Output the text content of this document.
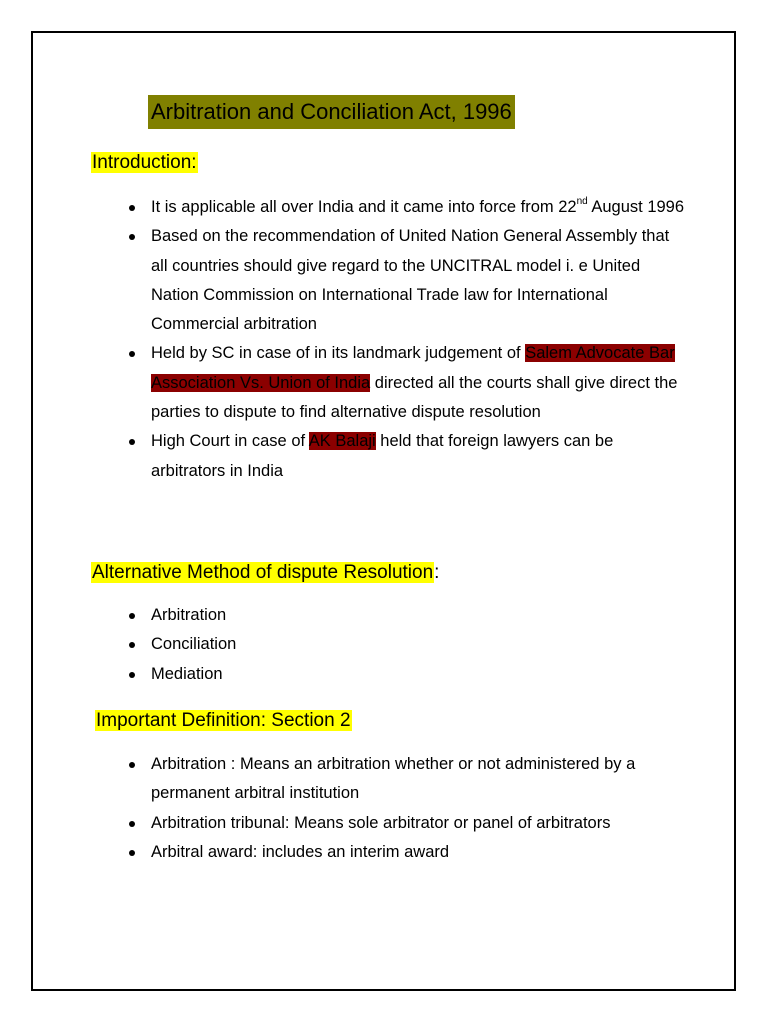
Arbitration and Conciliation Act, 1996
Introduction:
It is applicable all over India and it came into force from 22nd August 1996
Based on the recommendation of United Nation General Assembly that all countries should give regard to the UNCITRAL model i. e United Nation Commission on International Trade law for International Commercial arbitration
Held by SC in case of in its landmark judgement of Salem Advocate Bar Association Vs. Union of India directed all the courts shall give direct the parties to dispute to find alternative dispute resolution
High Court in case of AK Balaji held that foreign lawyers can be arbitrators in India
Alternative Method of dispute Resolution:
Arbitration
Conciliation
Mediation
Important Definition: Section 2
Arbitration : Means an arbitration whether or not administered by a permanent arbitral institution
Arbitration tribunal: Means sole arbitrator or panel of arbitrators
Arbitral award: includes an interim award
